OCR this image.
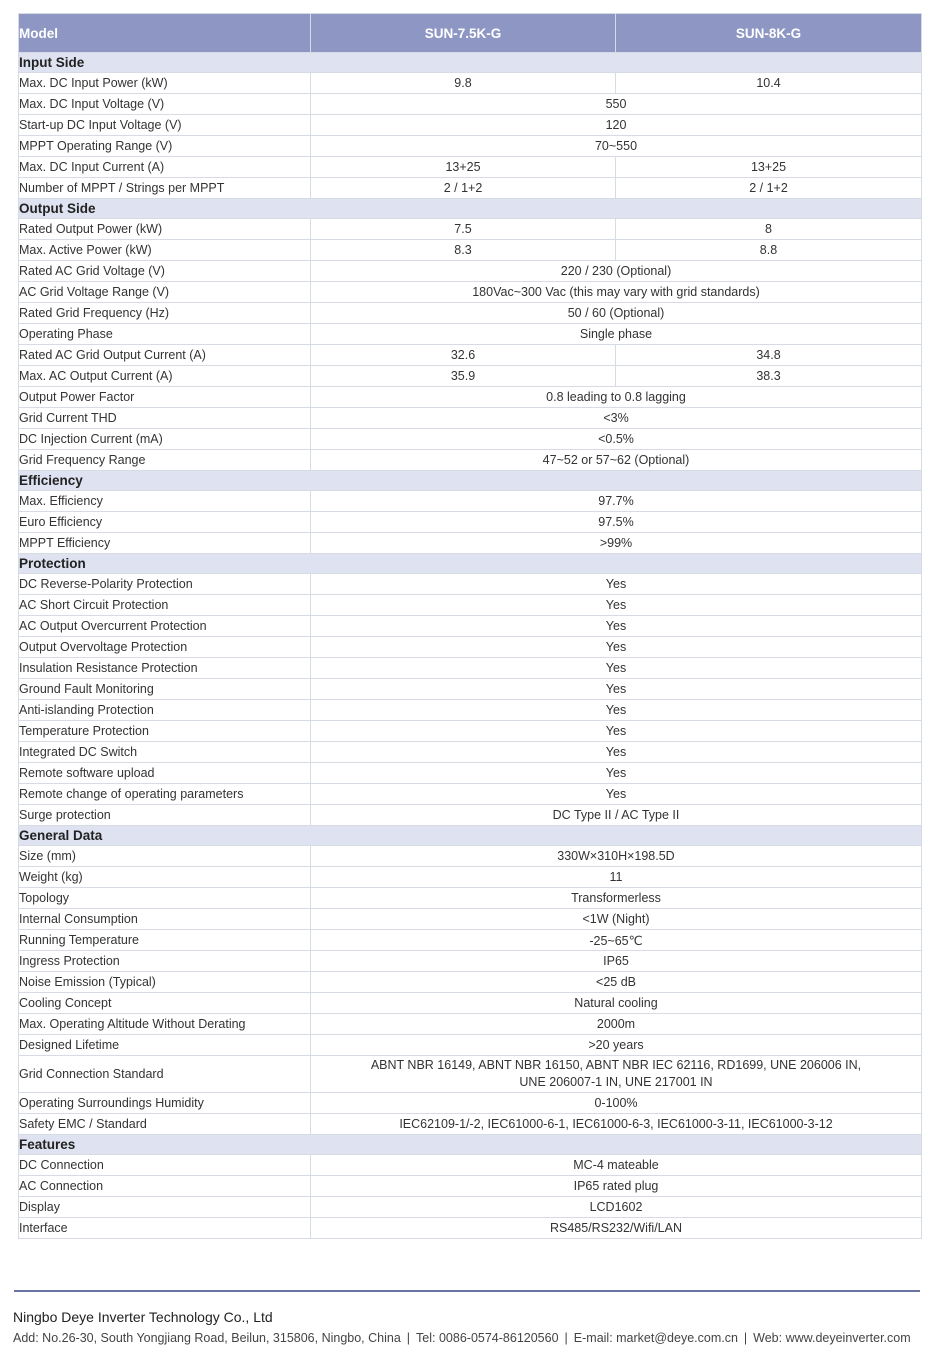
Model	SUN-7.5K-G	SUN-8K-G
Input Side		
Max. DC Input Power (kW)	9.8	10.4
Max. DC Input Voltage (V)	550	
Start-up DC Input Voltage (V)	120	
MPPT Operating Range (V)	70~550	
Max. DC Input Current (A)	13+25	13+25
Number of MPPT / Strings per MPPT	2 / 1+2	2 / 1+2
Output Side		
Rated Output Power (kW)	7.5	8
Max. Active Power (kW)	8.3	8.8
Rated AC Grid Voltage (V)	220 / 230 (Optional)	
AC Grid Voltage Range (V)	180Vac~300 Vac (this may vary with grid standards)	
Rated Grid Frequency (Hz)	50 / 60 (Optional)	
Operating Phase	Single phase	
Rated AC Grid Output Current (A)	32.6	34.8
Max. AC Output Current (A)	35.9	38.3
Output Power Factor	0.8 leading to 0.8 lagging	
Grid Current THD	<3%	
DC Injection Current (mA)	<0.5%	
Grid Frequency Range	47~52 or 57~62 (Optional)	
Efficiency		
Max. Efficiency	97.7%	
Euro Efficiency	97.5%	
MPPT Efficiency	>99%	
Protection		
DC Reverse-Polarity Protection	Yes	
AC Short Circuit Protection	Yes	
AC Output Overcurrent Protection	Yes	
Output Overvoltage Protection	Yes	
Insulation Resistance Protection	Yes	
Ground Fault Monitoring	Yes	
Anti-islanding Protection	Yes	
Temperature Protection	Yes	
Integrated DC Switch	Yes	
Remote software upload	Yes	
Remote change of operating parameters	Yes	
Surge protection	DC Type II / AC Type II	
General Data		
Size (mm)	330W×310H×198.5D	
Weight (kg)	11	
Topology	Transformerless	
Internal Consumption	<1W (Night)	
Running Temperature	-25~65℃	
Ingress Protection	IP65	
Noise Emission (Typical)	<25 dB	
Cooling Concept	Natural cooling	
Max. Operating Altitude Without Derating	2000m	
Designed Lifetime	>20 years	
Grid Connection Standard	ABNT NBR 16149, ABNT NBR 16150, ABNT NBR IEC 62116, RD1699, UNE 206006 IN,
UNE 206007-1 IN, UNE 217001 IN	
Operating Surroundings Humidity	0-100%	
Safety EMC / Standard	IEC62109-1/-2, IEC61000-6-1, IEC61000-6-3, IEC61000-3-11, IEC61000-3-12	
Features		
DC Connection	MC-4 mateable	
AC Connection	IP65 rated plug	
Display	LCD1602	
Interface	RS485/RS232/Wifi/LAN	
Ningbo Deye Inverter Technology Co., Ltd
Add: No.26-30, South Yongjiang Road, Beilun, 315806, Ningbo, China | Tel: 0086-0574-86120560 | E-mail: market@deye.com.cn | Web: www.deyeinverter.com
